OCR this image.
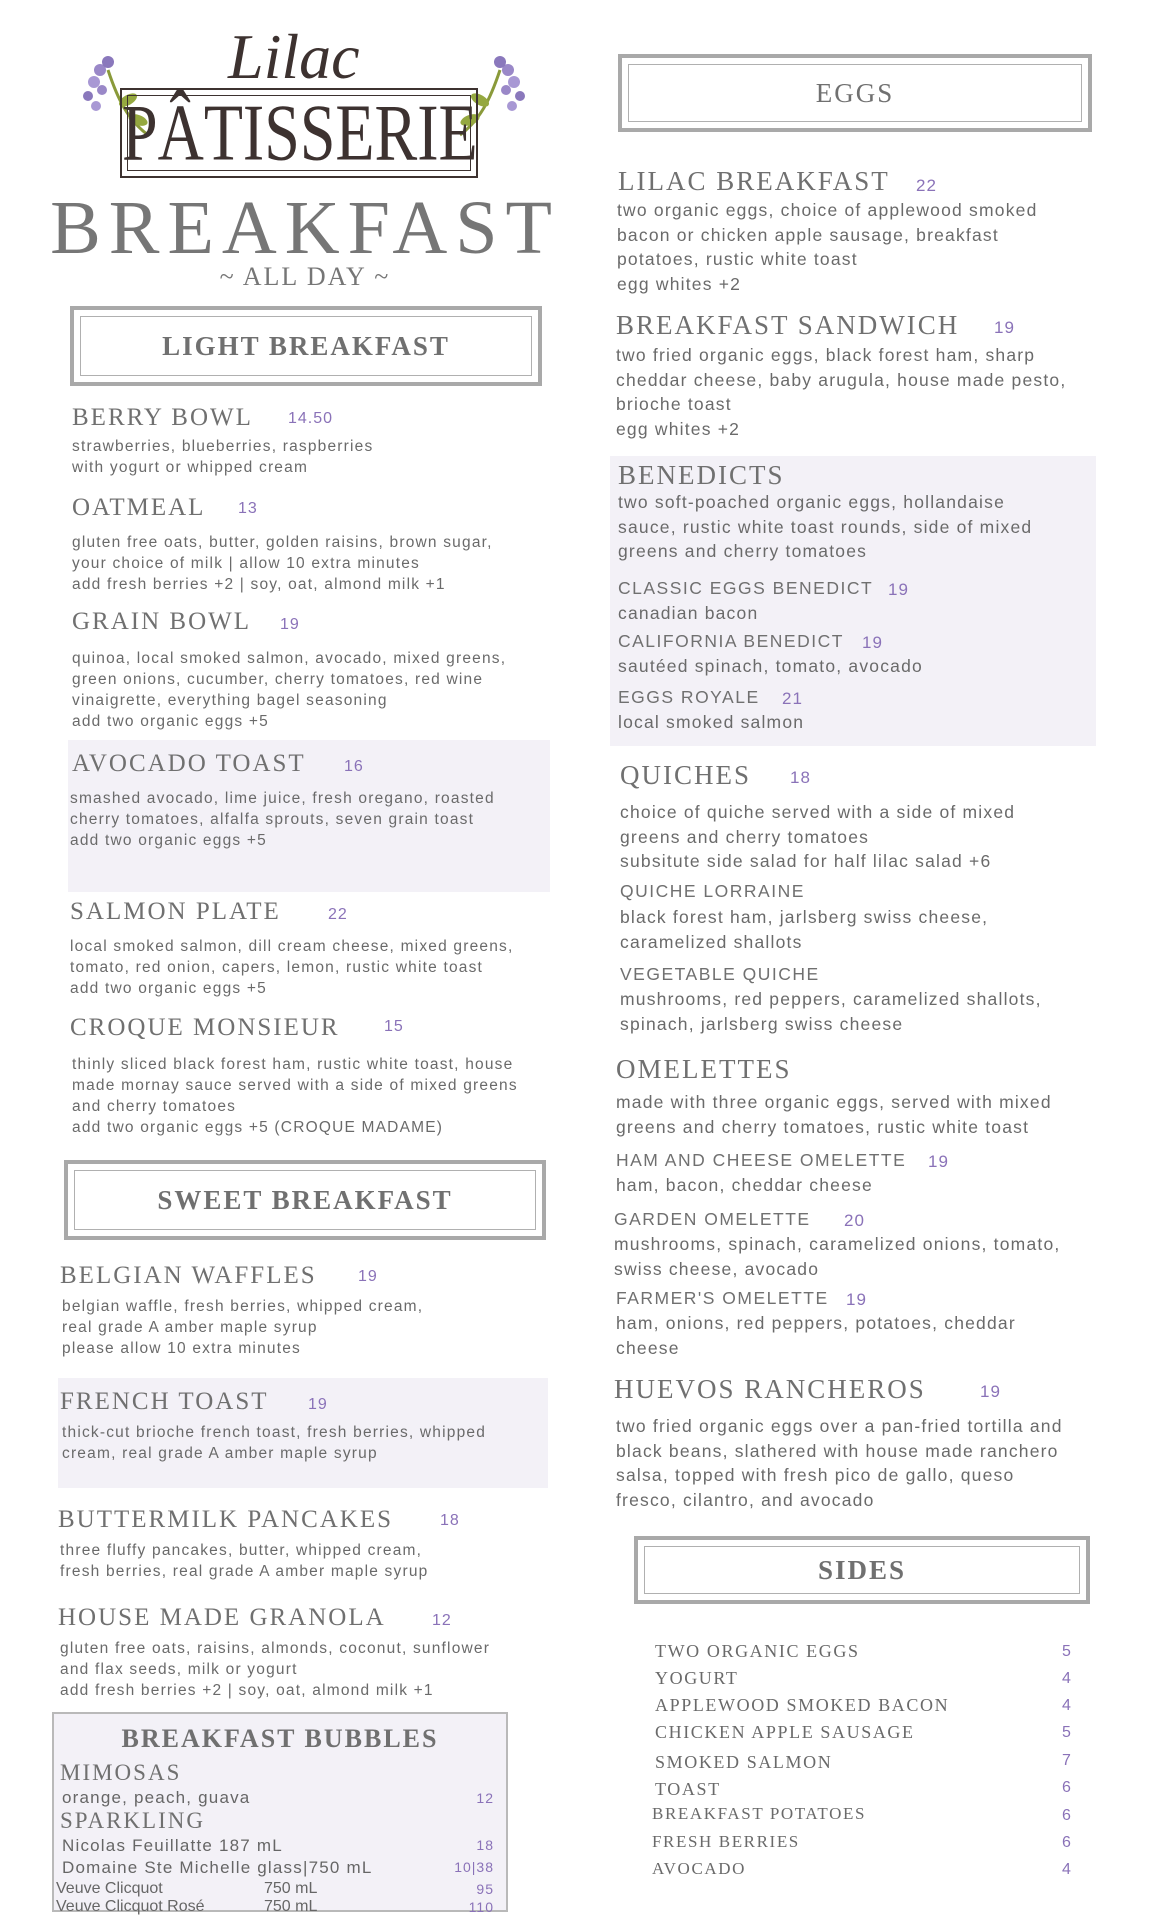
Lilac
PÂTISSERIE
BREAKFAST
~ ALL DAY ~
LIGHT BREAKFAST
BERRY BOWL 14.50
strawberries, blueberries, raspberries
with yogurt or whipped cream
OATMEAL 13
gluten free oats, butter, golden raisins, brown sugar,
your choice of milk | allow 10 extra minutes
add fresh berries +2 | soy, oat, almond milk +1
GRAIN BOWL 19
quinoa, local smoked salmon, avocado, mixed greens,
green onions, cucumber, cherry tomatoes, red wine
vinaigrette, everything bagel seasoning
add two organic eggs +5
AVOCADO TOAST 16
smashed avocado, lime juice, fresh oregano, roasted
cherry tomatoes, alfalfa sprouts, seven grain toast
add two organic eggs +5
SALMON PLATE	22
local smoked salmon, dill cream cheese, mixed greens,
tomato, red onion, capers, lemon, rustic white toast
add two organic eggs +5
CROQUE MONSIEUR	15
thinly sliced black forest ham, rustic white toast, house
made mornay sauce served with a side of mixed greens
and cherry tomatoes
add two organic eggs +5 (CROQUE MADAME)
SWEET BREAKFAST
BELGIAN WAFFLES	19
belgian waffle, fresh berries, whipped cream,
real grade A amber maple syrup
please allow 10 extra minutes
FRENCH TOAST 19
thick-cut brioche french toast, fresh berries, whipped
cream, real grade A amber maple syrup
BUTTERMILK PANCAKES	18
three fluffy pancakes, butter, whipped cream,
fresh berries, real grade A amber maple syrup
HOUSE MADE GRANOLA	12
gluten free oats, raisins, almonds, coconut, sunflower
and flax seeds, milk or yogurt
add fresh berries +2 | soy, oat, almond milk +1
BREAKFAST BUBBLES
MIMOSAS
orange, peach, guava	12
SPARKLING
Nicolas Feuillatte 187 mL	18
Domaine Ste Michelle glass|750 mL	10|38
Veuve Clicquot	750 mL	95
Veuve Clicquot Rosé	750 mL	110
EGGS
LILAC BREAKFAST 22
two organic eggs, choice of applewood smoked
bacon or chicken apple sausage, breakfast
potatoes, rustic white toast
egg whites +2
BREAKFAST SANDWICH 19
two fried organic eggs, black forest ham, sharp
cheddar cheese, baby arugula, house made pesto,
brioche toast
egg whites +2
BENEDICTS
two soft-poached organic eggs, hollandaise
sauce, rustic white toast rounds, side of mixed
greens and cherry tomatoes
CLASSIC EGGS BENEDICT 19
canadian bacon
CALIFORNIA BENEDICT 19
sautéed spinach, tomato, avocado
EGGS ROYALE 21
local smoked salmon
QUICHES 18
choice of quiche served with a side of mixed
greens and cherry tomatoes
subsitute side salad for half lilac salad +6
QUICHE LORRAINE
black forest ham, jarlsberg swiss cheese,
caramelized shallots
VEGETABLE QUICHE
mushrooms, red peppers, caramelized shallots,
spinach, jarlsberg swiss cheese
OMELETTES
made with three organic eggs, served with mixed
greens and cherry tomatoes, rustic white toast
HAM AND CHEESE OMELETTE 19
ham, bacon, cheddar cheese
GARDEN OMELETTE 20
mushrooms, spinach, caramelized onions, tomato,
swiss cheese, avocado
FARMER'S OMELETTE 19
ham, onions, red peppers, potatoes, cheddar
cheese
HUEVOS RANCHEROS	19
two fried organic eggs over a pan-fried tortilla and
black beans, slathered with house made ranchero
salsa, topped with fresh pico de gallo, queso
fresco, cilantro, and avocado
SIDES
TWO ORGANIC EGGS	5
YOGURT	4
APPLEWOOD SMOKED BACON	4
CHICKEN APPLE SAUSAGE	5
SMOKED SALMON	7
TOAST	6
BREAKFAST POTATOES	6
FRESH BERRIES	6
AVOCADO	4
